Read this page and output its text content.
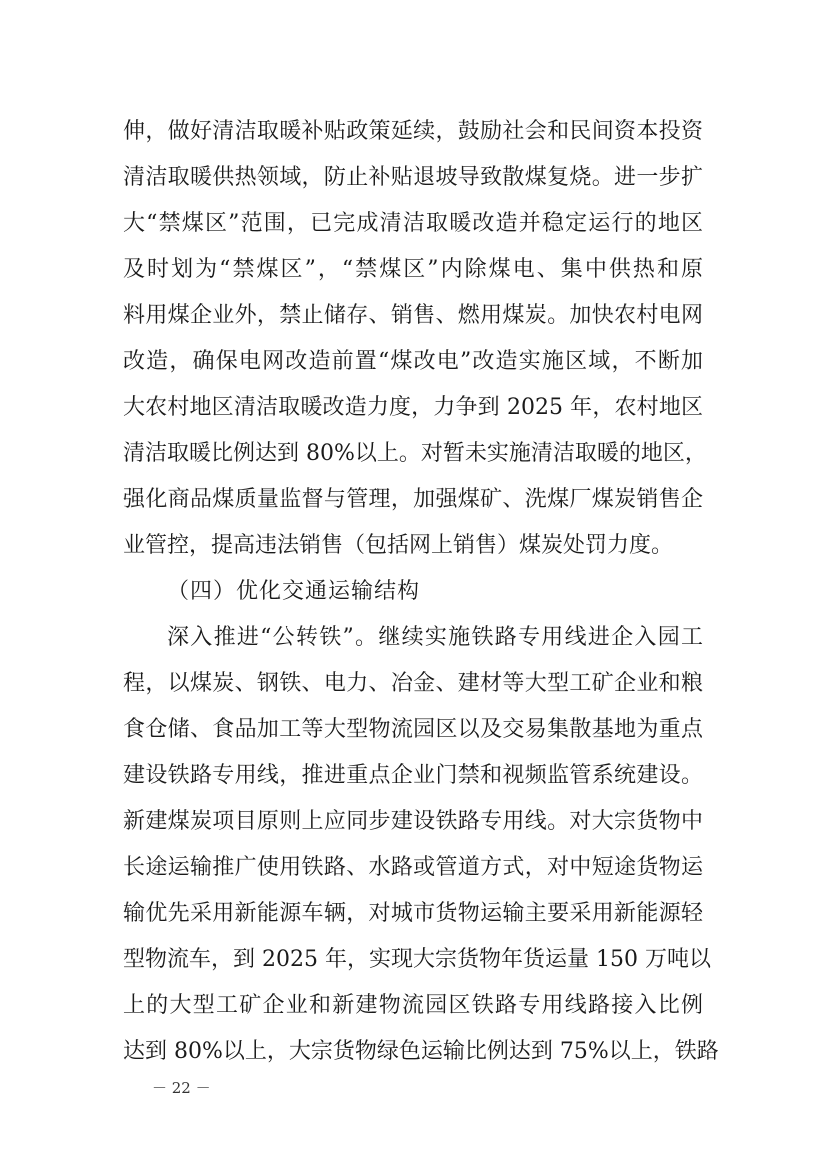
伸，做好清洁取暖补贴政策延续，鼓励社会和民间资本投资
清洁取暖供热领域，防止补贴退坡导致散煤复烧。进一步扩
大“禁煤区”范围，已完成清洁取暖改造并稳定运行的地区
及时划为“禁煤区”，“禁煤区”内除煤电、集中供热和原
料用煤企业外，禁止储存、销售、燃用煤炭。加快农村电网
改造，确保电网改造前置“煤改电”改造实施区域，不断加
大农村地区清洁取暖改造力度，力争到 2025 年，农村地区
清洁取暖比例达到 80%以上。对暂未实施清洁取暖的地区，
强化商品煤质量监督与管理，加强煤矿、洗煤厂煤炭销售企
业管控，提高违法销售（包括网上销售）煤炭处罚力度。
（四）优化交通运输结构
深入推进“公转铁”。继续实施铁路专用线进企入园工
程，以煤炭、钢铁、电力、冶金、建材等大型工矿企业和粮
食仓储、食品加工等大型物流园区以及交易集散基地为重点
建设铁路专用线，推进重点企业门禁和视频监管系统建设。
新建煤炭项目原则上应同步建设铁路专用线。对大宗货物中
长途运输推广使用铁路、水路或管道方式，对中短途货物运
输优先采用新能源车辆，对城市货物运输主要采用新能源轻
型物流车，到 2025 年，实现大宗货物年货运量 150 万吨以
上的大型工矿企业和新建物流园区铁路专用线路接入比例
达到 80%以上，大宗货物绿色运输比例达到 75%以上，铁路
－ 22 －
